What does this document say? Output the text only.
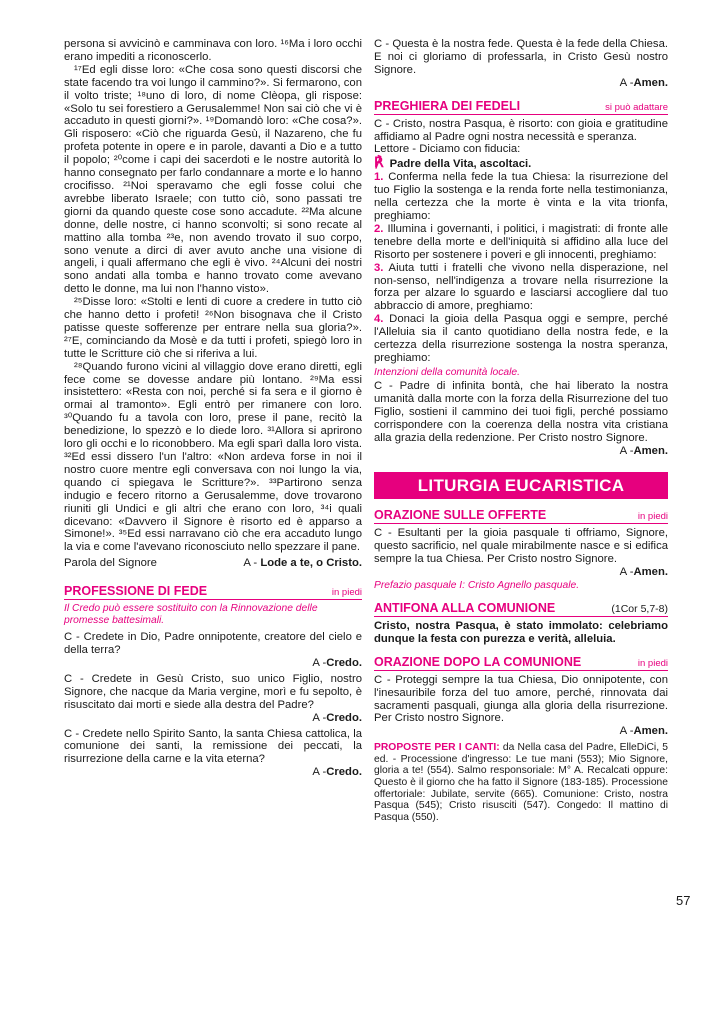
persona si avvicinò e camminava con loro. ¹⁶Ma i loro occhi erano impediti a riconoscerlo.

¹⁷Ed egli disse loro: «Che cosa sono questi discorsi che state facendo tra voi lungo il cammino?». Si fermarono, con il volto triste; ¹⁸uno di loro, di nome Clèopa, gli rispose: «Solo tu sei forestiero a Gerusalemme! Non sai ciò che vi è accaduto in questi giorni?». ¹⁹Domandò loro: «Che cosa?». Gli risposero: «Ciò che riguarda Gesù, il Nazareno, che fu profeta potente in opere e in parole, davanti a Dio e a tutto il popolo; ²⁰come i capi dei sacerdoti e le nostre autorità lo hanno consegnato per farlo condannare a morte e lo hanno crocifisso. ²¹Noi speravamo che egli fosse colui che avrebbe liberato Israele; con tutto ciò, sono passati tre giorni da quando queste cose sono accadute. ²²Ma alcune donne, delle nostre, ci hanno sconvolti; si sono recate al mattino alla tomba ²³e, non avendo trovato il suo corpo, sono venute a dirci di aver avuto anche una visione di angeli, i quali affermano che egli è vivo. ²⁴Alcuni dei nostri sono andati alla tomba e hanno trovato come avevano detto le donne, ma lui non l'hanno visto».

²⁵Disse loro: «Stolti e lenti di cuore a credere in tutto ciò che hanno detto i profeti! ²⁶Non bisognava che il Cristo patisse queste sofferenze per entrare nella sua gloria?». ²⁷E, cominciando da Mosè e da tutti i profeti, spiegò loro in tutte le Scritture ciò che si riferiva a lui.

²⁸Quando furono vicini al villaggio dove erano diretti, egli fece come se dovesse andare più lontano. ²⁹Ma essi insistettero: «Resta con noi, perché si fa sera e il giorno è ormai al tramonto». Egli entrò per rimanere con loro. ³⁰Quando fu a tavola con loro, prese il pane, recitò la benedizione, lo spezzò e lo diede loro. ³¹Allora si aprirono loro gli occhi e lo riconobbero. Ma egli sparì dalla loro vista. ³²Ed essi dissero l'un l'altro: «Non ardeva forse in noi il nostro cuore mentre egli conversava con noi lungo la via, quando ci spiegava le Scritture?». ³³Partirono senza indugio e fecero ritorno a Gerusalemme, dove trovarono riuniti gli Undici e gli altri che erano con loro, ³⁴i quali dicevano: «Davvero il Signore è risorto ed è apparso a Simone!». ³⁵Ed essi narravano ciò che era accaduto lungo la via e come l'avevano riconosciuto nello spezzare il pane.

Parola del Signore	A - Lode a te, o Cristo.
PROFESSIONE DI FEDE	in piedi

Il Credo può essere sostituito con la Rinnovazione delle promesse battesimali.

C - Credete in Dio, Padre onnipotente, creatore del cielo e della terra?

A - Credo.

C - Credete in Gesù Cristo, suo unico Figlio, nostro Signore, che nacque da Maria vergine, morì e fu sepolto, è risuscitato dai morti e siede alla destra del Padre?

A - Credo.

C - Credete nello Spirito Santo, la santa Chiesa cattolica, la comunione dei santi, la remissione dei peccati, la risurrezione della carne e la vita eterna?

A - Credo.

C - Questa è la nostra fede. Questa è la fede della Chiesa. E noi ci gloriamo di professarla, in Cristo Gesù nostro Signore.

A - Amen.
PREGHIERA DEI FEDELI	si può adattare

C - Cristo, nostra Pasqua, è risorto: con gioia e gratitudine affidiamo al Padre ogni nostra necessità e speranza.

Lettore - Diciamo con fiducia:

℟ Padre della Vita, ascoltaci.

1. Conferma nella fede la tua Chiesa: la risurrezione del tuo Figlio la sostenga e la renda forte nella testimonianza, nella certezza che la morte è vinta e la vita trionfa, preghiamo:

2. Illumina i governanti, i politici, i magistrati: di fronte alle tenebre della morte e dell'iniquità si affidino alla luce del Risorto per sostenere i poveri e gli innocenti, preghiamo:

3. Aiuta tutti i fratelli che vivono nella disperazione, nel non-senso, nell'indigenza a trovare nella risurrezione la forza per alzare lo sguardo e lasciarsi accogliere dal tuo abbraccio di amore, preghiamo:

4. Donaci la gioia della Pasqua oggi e sempre, perché l'Alleluia sia il canto quotidiano della nostra fede, e la certezza della risurrezione sostenga la nostra speranza, preghiamo:

Intenzioni della comunità locale.

C - Padre di infinita bontà, che hai liberato la nostra umanità dalla morte con la forza della Risurrezione del tuo Figlio, sostieni il cammino dei tuoi figli, perché possiamo corrispondere con la coerenza della nostra vita cristiana alla grazia della redenzione. Per Cristo nostro Signore.

A - Amen.
LITURGIA EUCARISTICA
ORAZIONE SULLE OFFERTE	in piedi

C - Esultanti per la gioia pasquale ti offriamo, Signore, questo sacrificio, nel quale mirabilmente nasce e si edifica sempre la tua Chiesa. Per Cristo nostro Signore.

A - Amen.

Prefazio pasquale I: Cristo Agnello pasquale.

ANTIFONA ALLA COMUNIONE	(1Cor 5,7-8)

Cristo, nostra Pasqua, è stato immolato: celebriamo dunque la festa con purezza e verità, alleluia.

ORAZIONE DOPO LA COMUNIONE	in piedi

C - Proteggi sempre la tua Chiesa, Dio onnipotente, con l'inesauribile forza del tuo amore, perché, rinnovata dai sacramenti pasquali, giunga alla gloria della risurrezione. Per Cristo nostro Signore.

A - Amen.

PROPOSTE PER I CANTI: da Nella casa del Padre, ElleDiCi, 5 ed. - Processione d'ingresso: Le tue mani (553); Mio Signore, gloria a te! (554). Salmo responsoriale: M° A. Recalcati oppure: Questo è il giorno che ha fatto il Signore (183-185). Processione offertoriale: Jubilate, servite (665). Comunione: Cristo, nostra Pasqua (545); Cristo risusciti (547). Congedo: Il mattino di Pasqua (550).

57
